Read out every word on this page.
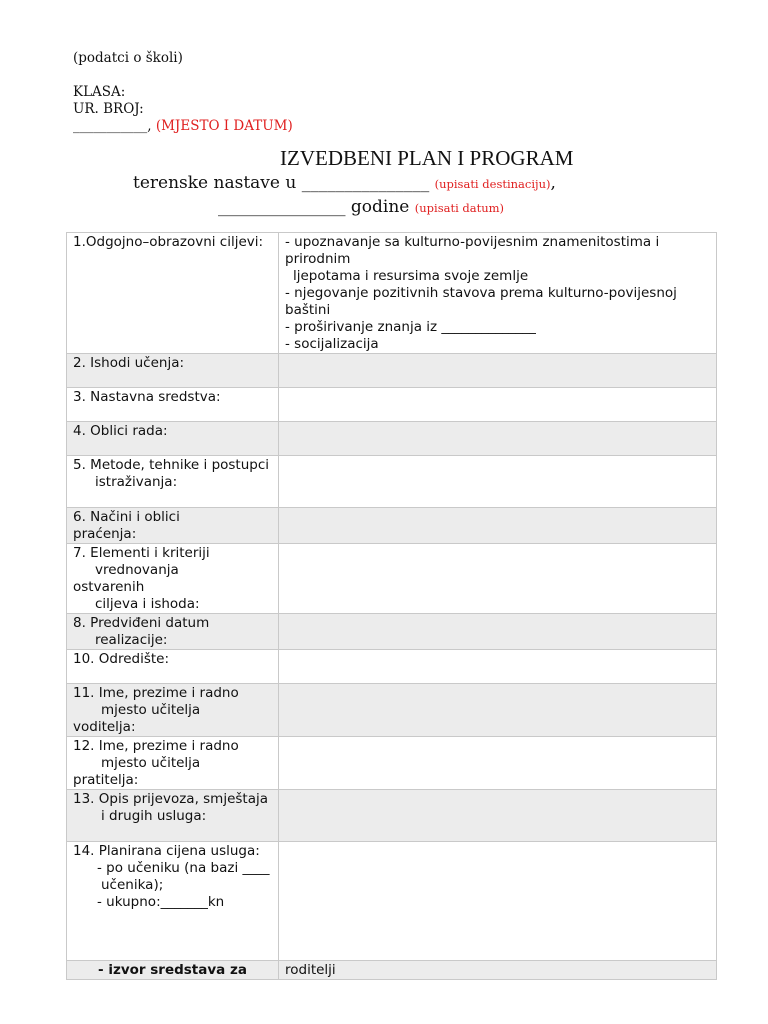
(podatci o školi)
KLASA:
UR. BROJ:
___________, (MJESTO I DATUM)
IZVEDBENI PLAN I PROGRAM
terenske nastave u _______________ (upisati destinaciju),
_______________ godine (upisati datum)
1.Odgojno–obrazovni ciljevi:	- upoznavanje sa kulturno-povijesnim znamenitostima i prirodnim
ljepotama i resursima svoje zemlje
- njegovanje pozitivnih stavova prema kulturno-povijesnoj baštini
- proširivanje znanja iz ______________
- socijalizacija

2. Ishodi učenja:	
3. Nastavna sredstva:	
4. Oblici rada:	

5. Metode, tehnike i postupci
istraživanja:	

6. Načini i oblici
praćenja:	

7. Elementi i kriteriji
vrednovanja
ostvarenih
ciljeva i ishoda:	

8. Predviđeni datum
realizacije:	

10. Odredište:	

11. Ime, prezime i radno
mjesto učitelja
voditelja:	

12. Ime, prezime i radno
mjesto učitelja
pratitelja:	

13. Opis prijevoza, smještaja
i drugih usluga:	

14. Planirana cijena usluga:
- po učeniku (na bazi ____
učenika);
- ukupno:_______kn	

- izvor sredstava za	roditelji
